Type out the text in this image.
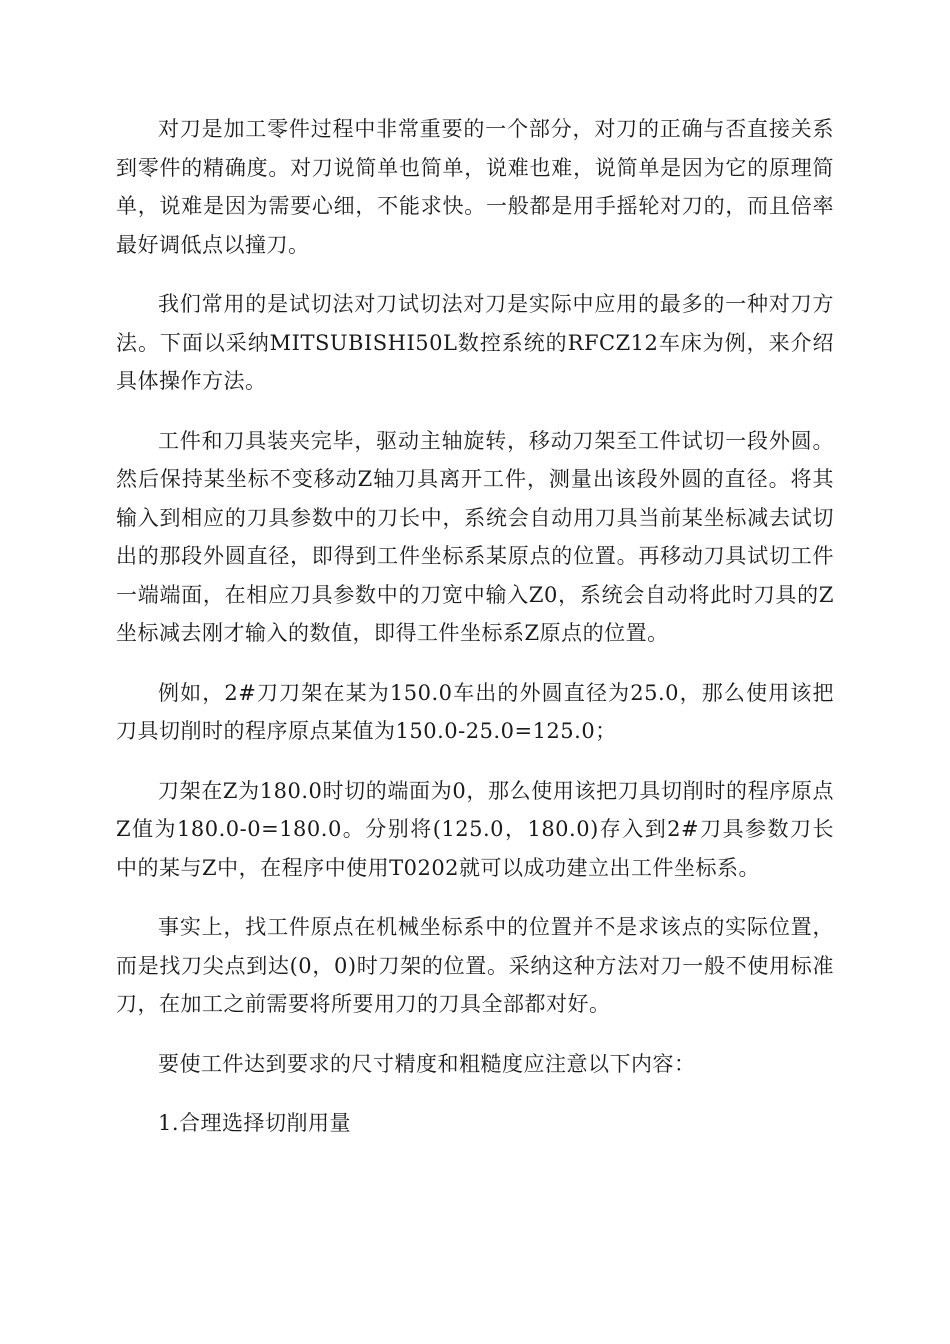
对刀是加工零件过程中非常重要的一个部分，对刀的正确与否直接关系到零件的精确度。对刀说简单也简单，说难也难，说简单是因为它的原理简单，说难是因为需要心细，不能求快。一般都是用手摇轮对刀的，而且倍率最好调低点以撞刀。

我们常用的是试切法对刀试切法对刀是实际中应用的最多的一种对刀方法。下面以采纳MITSUBISHI50L数控系统的RFCZ12车床为例，来介绍具体操作方法。

工件和刀具装夹完毕，驱动主轴旋转，移动刀架至工件试切一段外圆。然后保持某坐标不变移动Z轴刀具离开工件，测量出该段外圆的直径。将其输入到相应的刀具参数中的刀长中，系统会自动用刀具当前某坐标减去试切出的那段外圆直径，即得到工件坐标系某原点的位置。再移动刀具试切工件一端端面，在相应刀具参数中的刀宽中输入Z0，系统会自动将此时刀具的Z坐标减去刚才输入的数值，即得工件坐标系Z原点的位置。

例如，2#刀刀架在某为150.0车出的外圆直径为25.0，那么使用该把刀具切削时的程序原点某值为150.0-25.0=125.0；

刀架在Z为180.0时切的端面为0，那么使用该把刀具切削时的程序原点Z值为180.0-0=180.0。分别将(125.0，180.0)存入到2#刀具参数刀长中的某与Z中，在程序中使用T0202就可以成功建立出工件坐标系。

事实上，找工件原点在机械坐标系中的位置并不是求该点的实际位置，而是找刀尖点到达(0，0)时刀架的位置。采纳这种方法对刀一般不使用标准刀，在加工之前需要将所要用刀的刀具全部都对好。

要使工件达到要求的尺寸精度和粗糙度应注意以下内容：

1.合理选择切削用量
